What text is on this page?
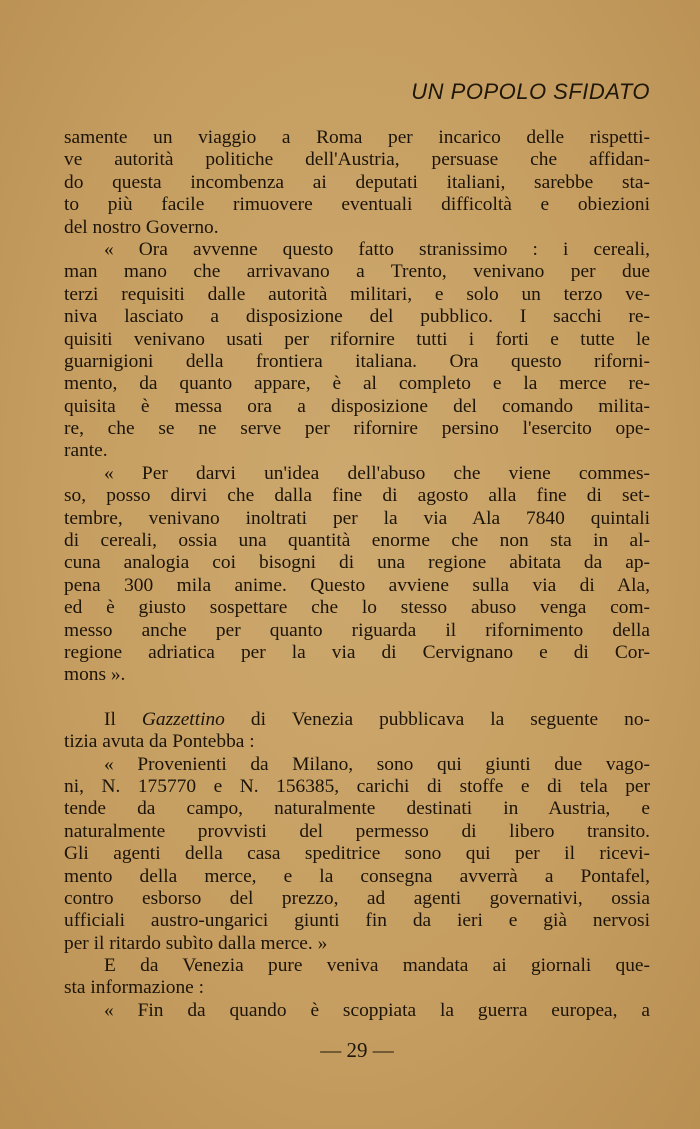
UN POPOLO SFIDATO
samente un viaggio a Roma per incarico delle rispetti-
ve autorità politiche dell'Austria, persuase che affidan-
do questa incombenza ai deputati italiani, sarebbe sta-
to più facile rimuovere eventuali difficoltà e obiezioni
del nostro Governo.
« Ora avvenne questo fatto stranissimo : i cereali,
man mano che arrivavano a Trento, venivano per due
terzi requisiti dalle autorità militari, e solo un terzo ve-
niva lasciato a disposizione del pubblico. I sacchi re-
quisiti venivano usati per rifornire tutti i forti e tutte le
guarnigioni della frontiera italiana. Ora questo riforni-
mento, da quanto appare, è al completo e la merce re-
quisita è messa ora a disposizione del comando milita-
re, che se ne serve per rifornire persino l'esercito ope-
rante.
« Per darvi un'idea dell'abuso che viene commes-
so, posso dirvi che dalla fine di agosto alla fine di set-
tembre, venivano inoltrati per la via Ala 7840 quintali
di cereali, ossia una quantità enorme che non sta in al-
cuna analogia coi bisogni di una regione abitata da ap-
pena 300 mila anime. Questo avviene sulla via di Ala,
ed è giusto sospettare che lo stesso abuso venga com-
messo anche per quanto riguarda il rifornimento della
regione adriatica per la via di Cervignano e di Cor-
mons ».
Il Gazzettino di Venezia pubblicava la seguente no-
tizia avuta da Pontebba :
« Provenienti da Milano, sono qui giunti due vago-
ni, N. 175770 e N. 156385, carichi di stoffe e di tela per
tende da campo, naturalmente destinati in Austria, e
naturalmente provvisti del permesso di libero transito.
Gli agenti della casa speditrice sono qui per il ricevi-
mento della merce, e la consegna avverrà a Pontafel,
contro esborso del prezzo, ad agenti governativi, ossia
ufficiali austro-ungarici giunti fin da ieri e già nervosi
per il ritardo subìto dalla merce. »
E da Venezia pure veniva mandata ai giornali que-
sta informazione :
« Fin da quando è scoppiata la guerra europea, a
— 29 —
